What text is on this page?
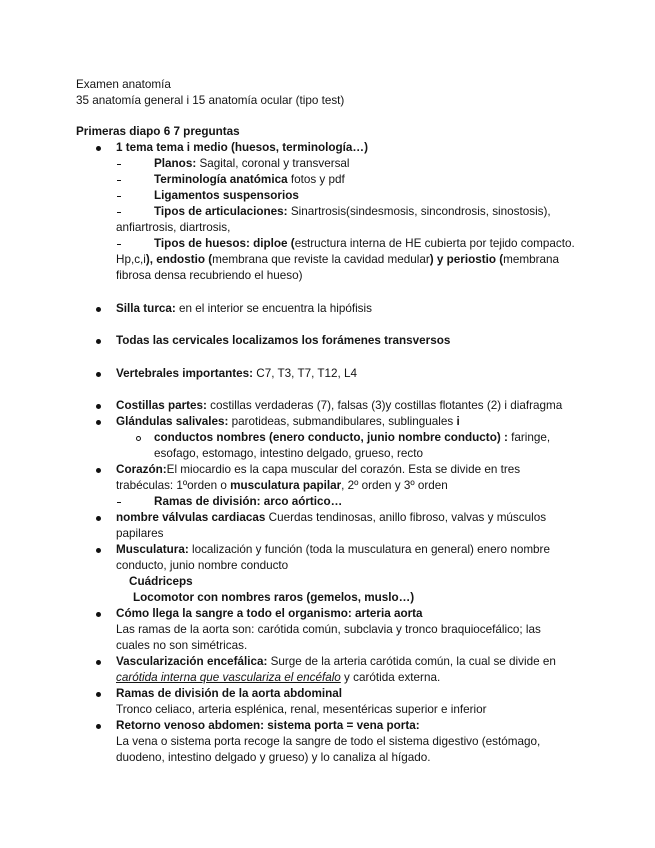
Examen anatomía
35 anatomía general i 15 anatomía ocular (tipo test)
Primeras diapo 6 7 preguntas
1 tema tema i medio (huesos, terminología…)
Planos: Sagital, coronal y transversal
Terminología anatómica fotos y pdf
Ligamentos suspensorios
Tipos de articulaciones: Sinartrosis(sindesmosis, sincondrosis, sinostosis),
anfiartrosis, diartrosis,
Tipos de huesos: diploe (estructura interna de HE cubierta por tejido compacto.
Hp,c,i), endostio (membrana que reviste la cavidad medular) y periostio (membrana
fibrosa densa recubriendo el hueso)
Silla turca: en el interior se encuentra la hipófisis
Todas las cervicales localizamos los forámenes transversos
Vertebrales importantes: C7, T3, T7, T12, L4
Costillas partes: costillas verdaderas (7), falsas (3)y costillas flotantes (2) i diafragma
Glándulas salivales: parotideas, submandibulares, sublinguales i
conductos nombres (enero conducto, junio nombre conducto) : faringe,
esofago, estomago, intestino delgado, grueso, recto
Corazón:El miocardio es la capa muscular del corazón. Esta se divide en tres
trabéculas: 1ºorden o musculatura papilar, 2º orden y 3º orden
Ramas de división: arco aórtico…
nombre válvulas cardiacas Cuerdas tendinosas, anillo fibroso, valvas y músculos
papilares
Musculatura: localización y función (toda la musculatura en general) enero nombre
conducto, junio nombre conducto
Cuádriceps
Locomotor con nombres raros (gemelos, muslo…)
Cómo llega la sangre a todo el organismo: arteria aorta
Las ramas de la aorta son: carótida común, subclavia y tronco braquiocefálico; las
cuales no son simétricas.
Vascularización encefálica: Surge de la arteria carótida común, la cual se divide en
carótida interna que vasculariza el encéfalo y carótida externa.
Ramas de división de la aorta abdominal
Tronco celiaco, arteria esplénica, renal, mesentéricas superior e inferior
Retorno venoso abdomen: sistema porta = vena porta:
La vena o sistema porta recoge la sangre de todo el sistema digestivo (estómago,
duodeno, intestino delgado y grueso) y lo canaliza al hígado.
